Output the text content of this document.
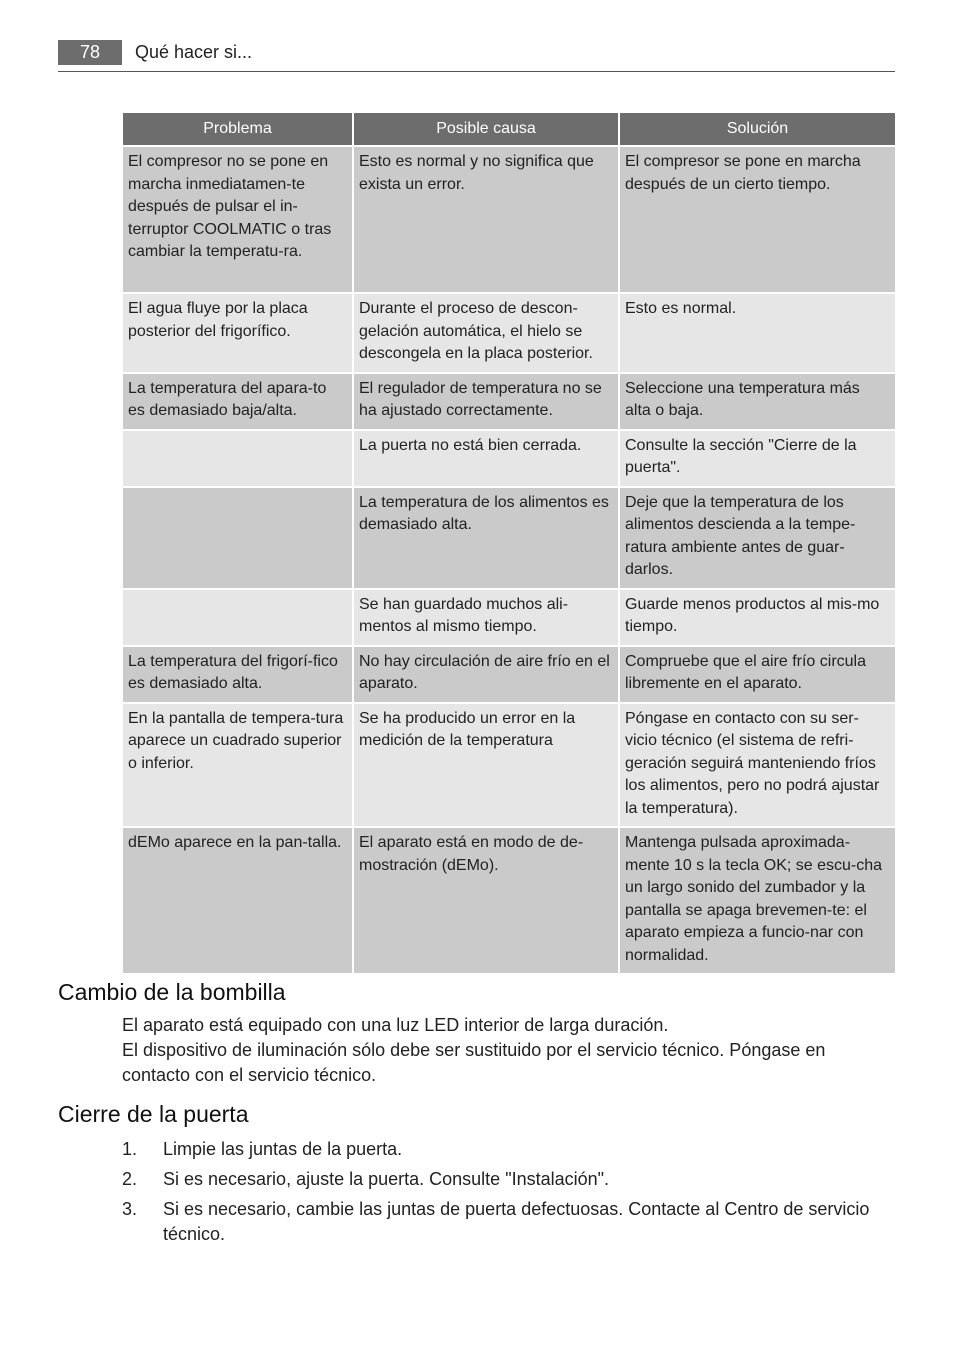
78	Qué hacer si...
Problema	Posible causa	Solución
El compresor no se pone en marcha inmediatamen-te después de pulsar el in-terruptor COOLMATIC o tras cambiar la temperatu-ra.	Esto es normal y no significa que exista un error.	El compresor se pone en marcha después de un cierto tiempo.
El agua fluye por la placa posterior del frigorífico.	Durante el proceso de descon-gelación automática, el hielo se descongela en la placa posterior.	Esto es normal.
La temperatura del apara-to es demasiado baja/alta.	El regulador de temperatura no se ha ajustado correctamente.	Seleccione una temperatura más alta o baja.
	La puerta no está bien cerrada.	Consulte la sección "Cierre de la puerta".
	La temperatura de los alimentos es demasiado alta.	Deje que la temperatura de los alimentos descienda a la tempe-ratura ambiente antes de guar-darlos.
	Se han guardado muchos ali-mentos al mismo tiempo.	Guarde menos productos al mis-mo tiempo.
La temperatura del frigorí-fico es demasiado alta.	No hay circulación de aire frío en el aparato.	Compruebe que el aire frío circula libremente en el aparato.
En la pantalla de tempera-tura aparece un cuadrado superior o inferior.	Se ha producido un error en la medición de la temperatura	Póngase en contacto con su ser-vicio técnico (el sistema de refri-geración seguirá manteniendo fríos los alimentos, pero no podrá ajustar la temperatura).
dEMo aparece en la pan-talla.	El aparato está en modo de de-mostración (dEMo).	Mantenga pulsada aproximada-mente 10 s la tecla OK; se escu-cha un largo sonido del zumbador y la pantalla se apaga brevemen-te: el aparato empieza a funcio-nar con normalidad.
Cambio de la bombilla

El aparato está equipado con una luz LED interior de larga duración.

El dispositivo de iluminación sólo debe ser sustituido por el servicio técnico. Póngase en contacto con el servicio técnico.

Cierre de la puerta
1. Limpie las juntas de la puerta.
2. Si es necesario, ajuste la puerta. Consulte "Instalación".
3. Si es necesario, cambie las juntas de puerta defectuosas. Contacte al Centro de servicio técnico.
